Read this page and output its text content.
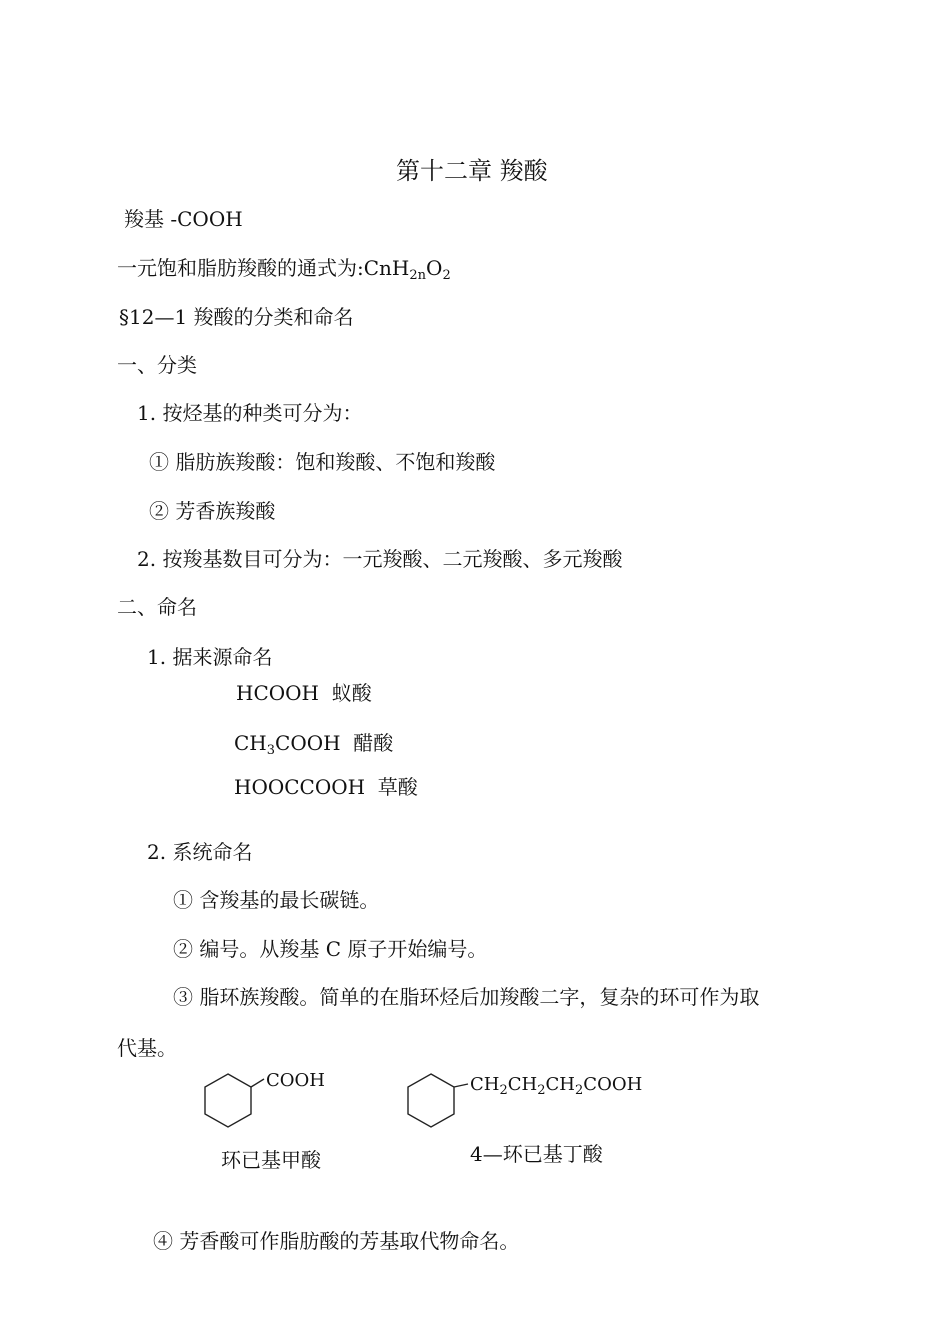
第十二章 羧酸
羧基 -COOH
一元饱和脂肪羧酸的通式为$:CnH_{2n}O_2$
§12—1 羧酸的分类和命名
一、分类
1. 按烃基的种类可分为：
① 脂肪族羧酸：饱和羧酸、不饱和羧酸
② 芳香族羧酸
2. 按羧基数目可分为：一元羧酸、二元羧酸、多元羧酸
二、命名
1. 据来源命名
HCOOH 蚁酸
$CH_3COOH$ 醋酸
HOOCCOOH 草酸
2. 系统命名
① 含羧基的最长碳链。
② 编号。从羧基 C 原子开始编号。
③ 脂环族羧酸。简单的在脂环烃后加羧酸二字，复杂的环可作为取
代基。
COOH
环已基甲酸
$CH_2CH_2CH_2COOH$
4—环已基丁酸
④ 芳香酸可作脂肪酸的芳基取代物命名。
